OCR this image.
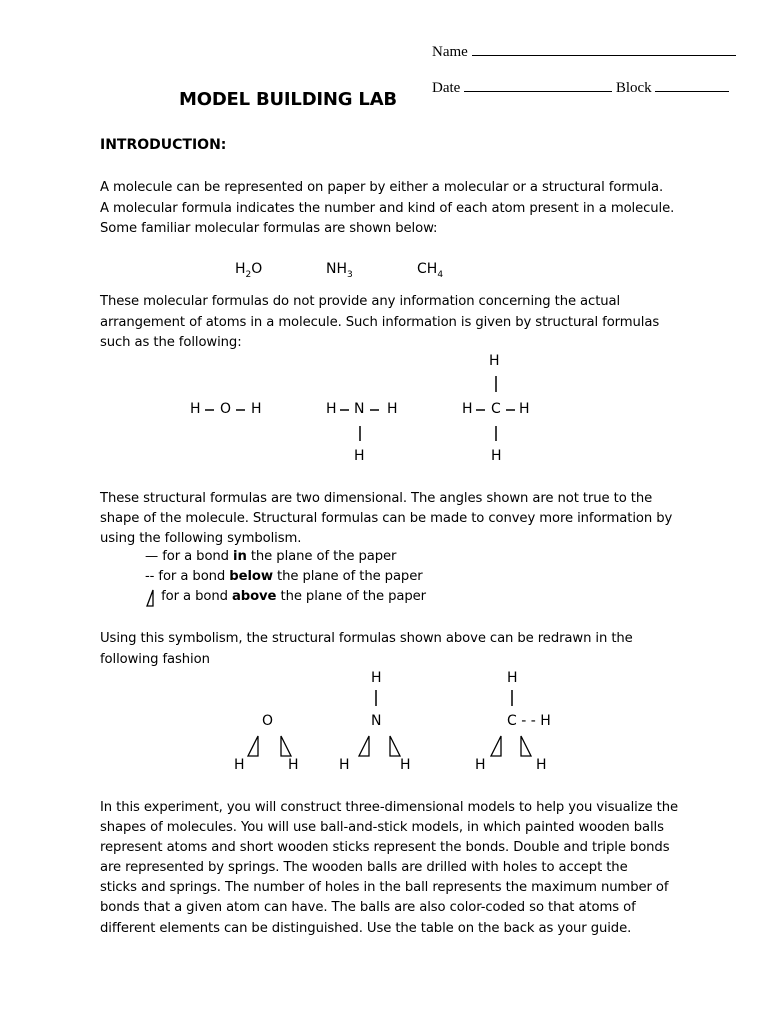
Name
Date	Block
MODEL BUILDING LAB
INTRODUCTION:
A molecule can be represented on paper by either a molecular or a structural formula.
A molecular formula indicates the number and kind of each atom present in a molecule.
Some familiar molecular formulas are shown below:
$H_2O$	$NH_3$	$CH_4$
These molecular formulas do not provide any information concerning the actual
arrangement of atoms in a molecule. Such information is given by structural formulas
such as the following:
H O H	H N H
H
H
H C H
H
These structural formulas are two dimensional. The angles shown are not true to the
shape of the molecule. Structural formulas can be made to convey more information by
using the following symbolism.
— for a bond in the plane of the paper
-- for a bond below the plane of the paper
for a bond above the plane of the paper
Using this symbolism, the structural formulas shown above can be redrawn in the
following fashion
O
H	H
H
N
H	H
H
C - - H
H	H
In this experiment, you will construct three-dimensional models to help you visualize the
shapes of molecules. You will use ball-and-stick models, in which painted wooden balls
represent atoms and short wooden sticks represent the bonds. Double and triple bonds
are represented by springs. The wooden balls are drilled with holes to accept the
sticks and springs. The number of holes in the ball represents the maximum number of
bonds that a given atom can have. The balls are also color-coded so that atoms of
different elements can be distinguished. Use the table on the back as your guide.
